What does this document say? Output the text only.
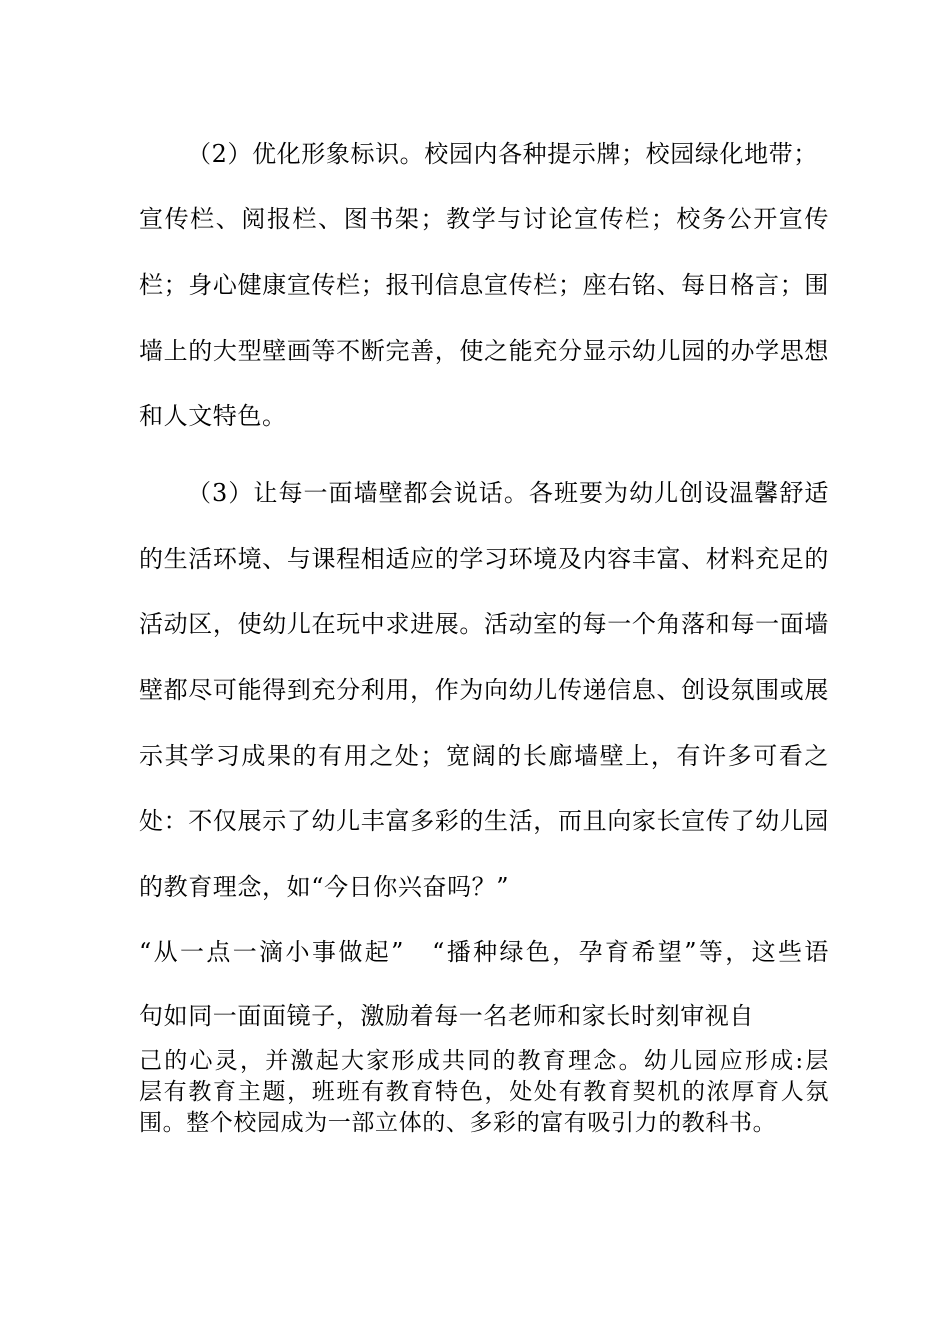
（2）优化形象标识。校园内各种提示牌；校园绿化地带；
宣传栏、阅报栏、图书架；教学与讨论宣传栏；校务公开宣传
栏；身心健康宣传栏；报刊信息宣传栏；座右铭、每日格言；围
墙上的大型壁画等不断完善，使之能充分显示幼儿园的办学思想
和人文特色。
（3）让每一面墙壁都会说话。各班要为幼儿创设温馨舒适
的生活环境、与课程相适应的学习环境及内容丰富、材料充足的
活动区，使幼儿在玩中求进展。活动室的每一个角落和每一面墙
壁都尽可能得到充分利用，作为向幼儿传递信息、创设氛围或展
示其学习成果的有用之处；宽阔的长廊墙壁上，有许多可看之
处：不仅展示了幼儿丰富多彩的生活，而且向家长宣传了幼儿园
的教育理念，如“今日你兴奋吗？”
“从一点一滴小事做起”　“播种绿色，孕育希望”等，这些语
句如同一面面镜子，激励着每一名老师和家长时刻审视自
己的心灵，并激起大家形成共同的教育理念。幼儿园应形成:层
层有教育主题，班班有教育特色，处处有教育契机的浓厚育人氛
围。整个校园成为一部立体的、多彩的富有吸引力的教科书。
